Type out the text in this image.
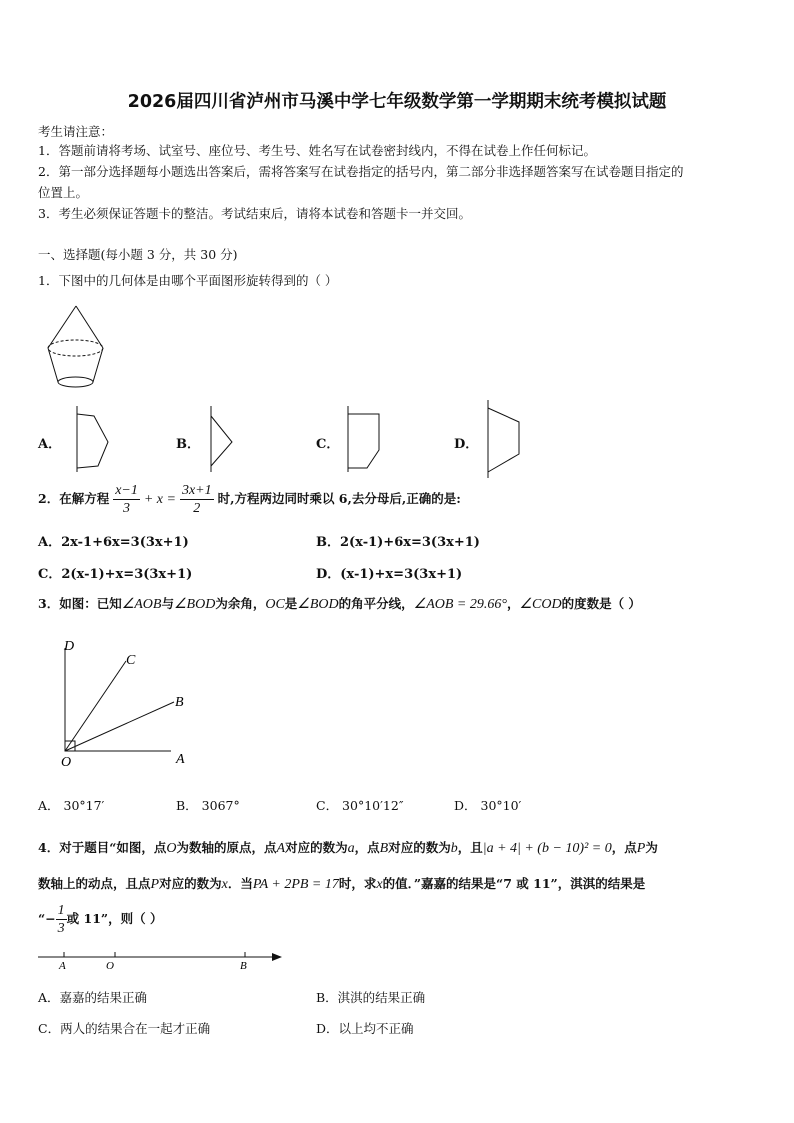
2026届四川省泸州市马溪中学七年级数学第一学期期末统考模拟试题
考生请注意：
1．答题前请将考场、试室号、座位号、考生号、姓名写在试卷密封线内，不得在试卷上作任何标记。
2．第一部分选择题每小题选出答案后，需将答案写在试卷指定的括号内，第二部分非选择题答案写在试卷题目指定的
位置上。
3．考生必须保证答题卡的整洁。考试结束后，请将本试卷和答题卡一并交回。
一、选择题(每小题 3 分，共 30 分)
1．下图中的几何体是由哪个平面图形旋转得到的（ ）
A．	B．	C．	D．
2．在解方程 $\frac{x-1}{3} + x = \frac{3x+1}{2}$ 时,方程两边同时乘以 6,去分母后,正确的是:
A．2x-1+6x=3(3x+1)	B．2(x-1)+6x=3(3x+1)
C．2(x-1)+x=3(3x+1)	D．(x-1)+x=3(3x+1)
3．如图：已知∠AOB与∠BOD为余角，OC是∠BOD的角平分线，∠AOB = 29.66°，∠COD的度数是（ ）
D
C
B
O	A
A． 30°17′	B． 3067°	C． 30°10′12″	D． 30°10′
4．对于题目“如图，点O为数轴的原点，点A对应的数为a，点B对应的数为b，且|a + 4| + (b − 10)² = 0，点P为
数轴上的动点，且点P对应的数为x．当PA + 2PB = 17时，求x的值．”嘉嘉的结果是“7 或 11”，淇淇的结果是
“− $\frac{1}{3}$ 或 11”，则（ ）
A	O	B
A．嘉嘉的结果正确	B．淇淇的结果正确
C．两人的结果合在一起才正确	D．以上均不正确
